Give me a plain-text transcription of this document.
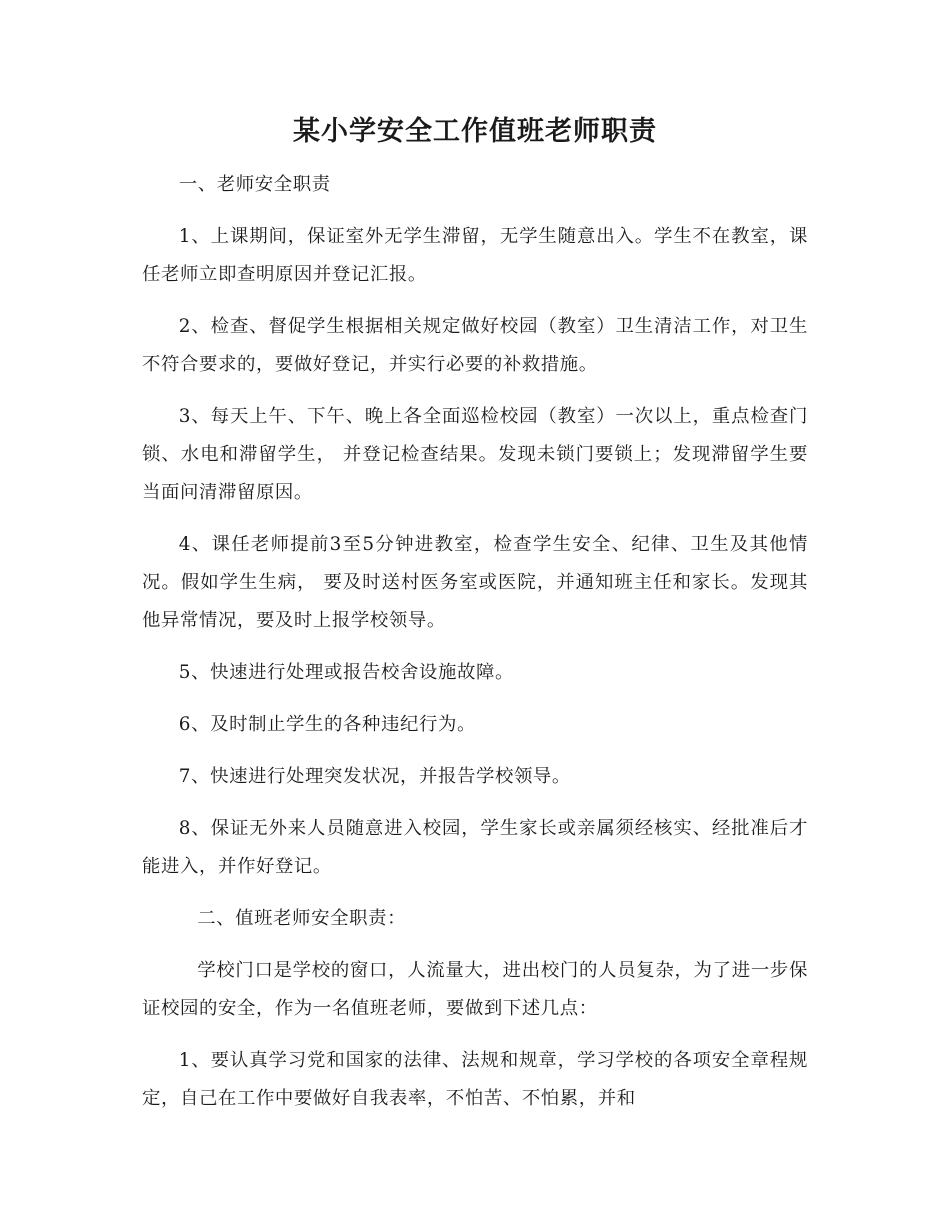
某小学安全工作值班老师职责

一、老师安全职责

1、上课期间，保证室外无学生滞留，无学生随意出入。学生不在教室，课任老师立即查明原因并登记汇报。

2、检查、督促学生根据相关规定做好校园（教室）卫生清洁工作，对卫生不符合要求的，要做好登记，并实行必要的补救措施。

3、每天上午、下午、晚上各全面巡检校园（教室）一次以上，重点检查门锁、水电和滞留学生， 并登记检查结果。发现未锁门要锁上；发现滞留学生要当面问清滞留原因。

4、课任老师提前3至5分钟进教室，检查学生安全、纪律、卫生及其他情况。假如学生生病， 要及时送村医务室或医院，并通知班主任和家长。发现其他异常情况，要及时上报学校领导。

5、快速进行处理或报告校舍设施故障。

6、及时制止学生的各种违纪行为。

7、快速进行处理突发状况，并报告学校领导。

8、保证无外来人员随意进入校园，学生家长或亲属须经核实、经批准后才能进入，并作好登记。

二、值班老师安全职责：

学校门口是学校的窗口，人流量大，进出校门的人员复杂，为了进一步保证校园的安全，作为一名值班老师，要做到下述几点：

1、要认真学习党和国家的法律、法规和规章，学习学校的各项安全章程规定，自己在工作中要做好自我表率，不怕苦、不怕累，并和
